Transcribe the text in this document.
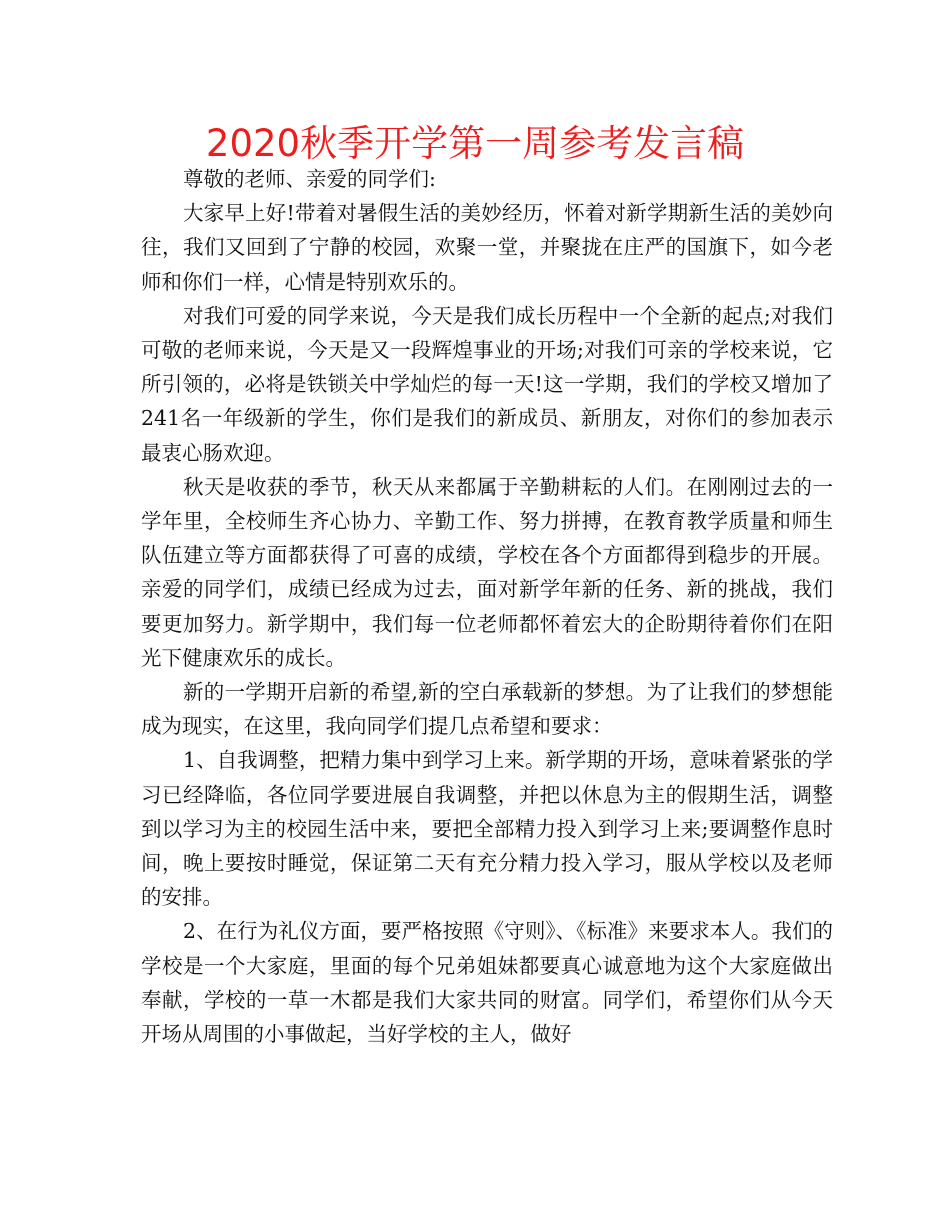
2020秋季开学第一周参考发言稿

尊敬的老师、亲爱的同学们:

大家早上好!带着对暑假生活的美妙经历，怀着对新学期新生活的美妙向往，我们又回到了宁静的校园，欢聚一堂，并聚拢在庄严的国旗下，如今老师和你们一样，心情是特别欢乐的。

对我们可爱的同学来说，今天是我们成长历程中一个全新的起点;对我们可敬的老师来说，今天是又一段辉煌事业的开场;对我们可亲的学校来说，它所引领的，必将是铁锁关中学灿烂的每一天!这一学期，我们的学校又增加了241名一年级新的学生，你们是我们的新成员、新朋友，对你们的参加表示最衷心肠欢迎。

秋天是收获的季节，秋天从来都属于辛勤耕耘的人们。在刚刚过去的一学年里，全校师生齐心协力、辛勤工作、努力拼搏，在教育教学质量和师生队伍建立等方面都获得了可喜的成绩，学校在各个方面都得到稳步的开展。亲爱的同学们，成绩已经成为过去，面对新学年新的任务、新的挑战，我们要更加努力。新学期中，我们每一位老师都怀着宏大的企盼期待着你们在阳光下健康欢乐的成长。

新的一学期开启新的希望,新的空白承载新的梦想。为了让我们的梦想能成为现实，在这里，我向同学们提几点希望和要求：

1、自我调整，把精力集中到学习上来。新学期的开场，意味着紧张的学习已经降临，各位同学要进展自我调整，并把以休息为主的假期生活，调整到以学习为主的校园生活中来，要把全部精力投入到学习上来;要调整作息时间，晚上要按时睡觉，保证第二天有充分精力投入学习，服从学校以及老师的安排。

2、在行为礼仪方面，要严格按照《守则》、《标准》来要求本人。我们的学校是一个大家庭，里面的每个兄弟姐妹都要真心诚意地为这个大家庭做出奉献，学校的一草一木都是我们大家共同的财富。同学们，希望你们从今天开场从周围的小事做起，当好学校的主人，做好
